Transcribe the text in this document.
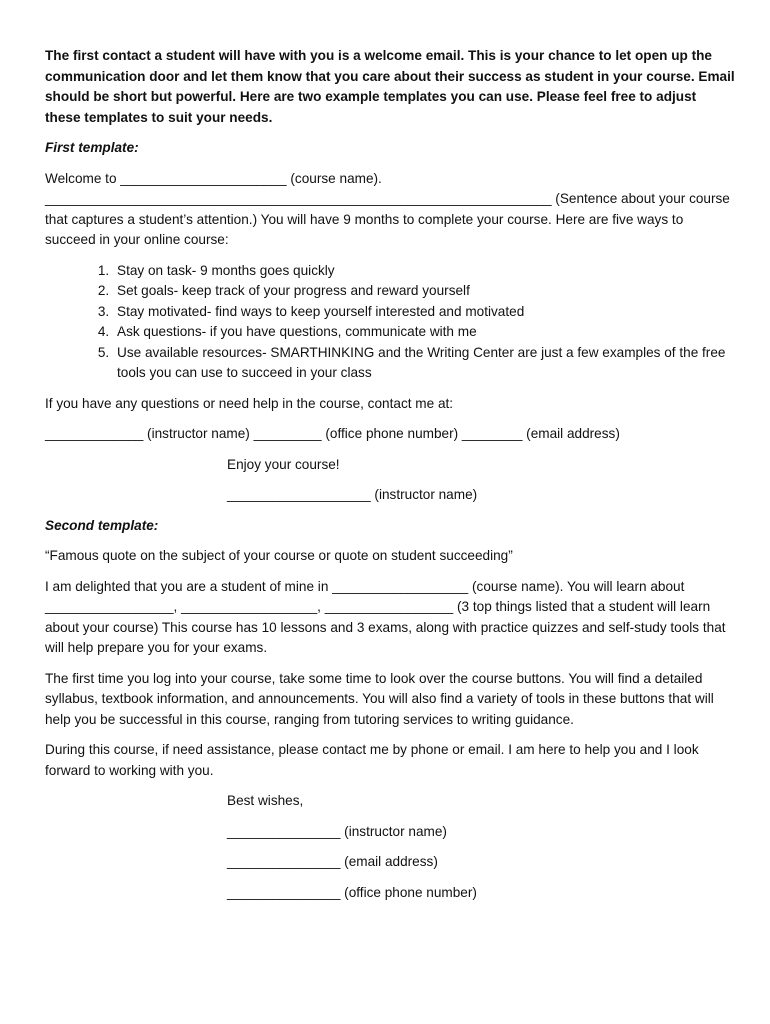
The first contact a student will have with you is a welcome email. This is your chance to let open up the communication door and let them know that you care about their success as student in your course. Email should be short but powerful. Here are two example templates you can use. Please feel free to adjust these templates to suit your needs.

First template:

Welcome to ______________________ (course name).

___________________________________________________________________ (Sentence about your course that captures a student’s attention.) You will have 9 months to complete your course. Here are five ways to succeed in your online course:

1. Stay on task- 9 months goes quickly
2. Set goals- keep track of your progress and reward yourself
3. Stay motivated- find ways to keep yourself interested and motivated
4. Ask questions- if you have questions, communicate with me
5. Use available resources- SMARTHINKING and the Writing Center are just a few examples of the free tools you can use to succeed in your class

If you have any questions or need help in the course, contact me at:

_____________ (instructor name) _________ (office phone number) ________ (email address)

Enjoy your course!

___________________ (instructor name)

Second template:

“Famous quote on the subject of your course or quote on student succeeding”

I am delighted that you are a student of mine in __________________ (course name). You will learn about _________________, __________________, _________________ (3 top things listed that a student will learn about your course) This course has 10 lessons and 3 exams, along with practice quizzes and self-study tools that will help prepare you for your exams.

The first time you log into your course, take some time to look over the course buttons. You will find a detailed syllabus, textbook information, and announcements. You will also find a variety of tools in these buttons that will help you be successful in this course, ranging from tutoring services to writing guidance.

During this course, if need assistance, please contact me by phone or email. I am here to help you and I look forward to working with you.

Best wishes,

_______________ (instructor name)

_______________ (email address)

_______________ (office phone number)
